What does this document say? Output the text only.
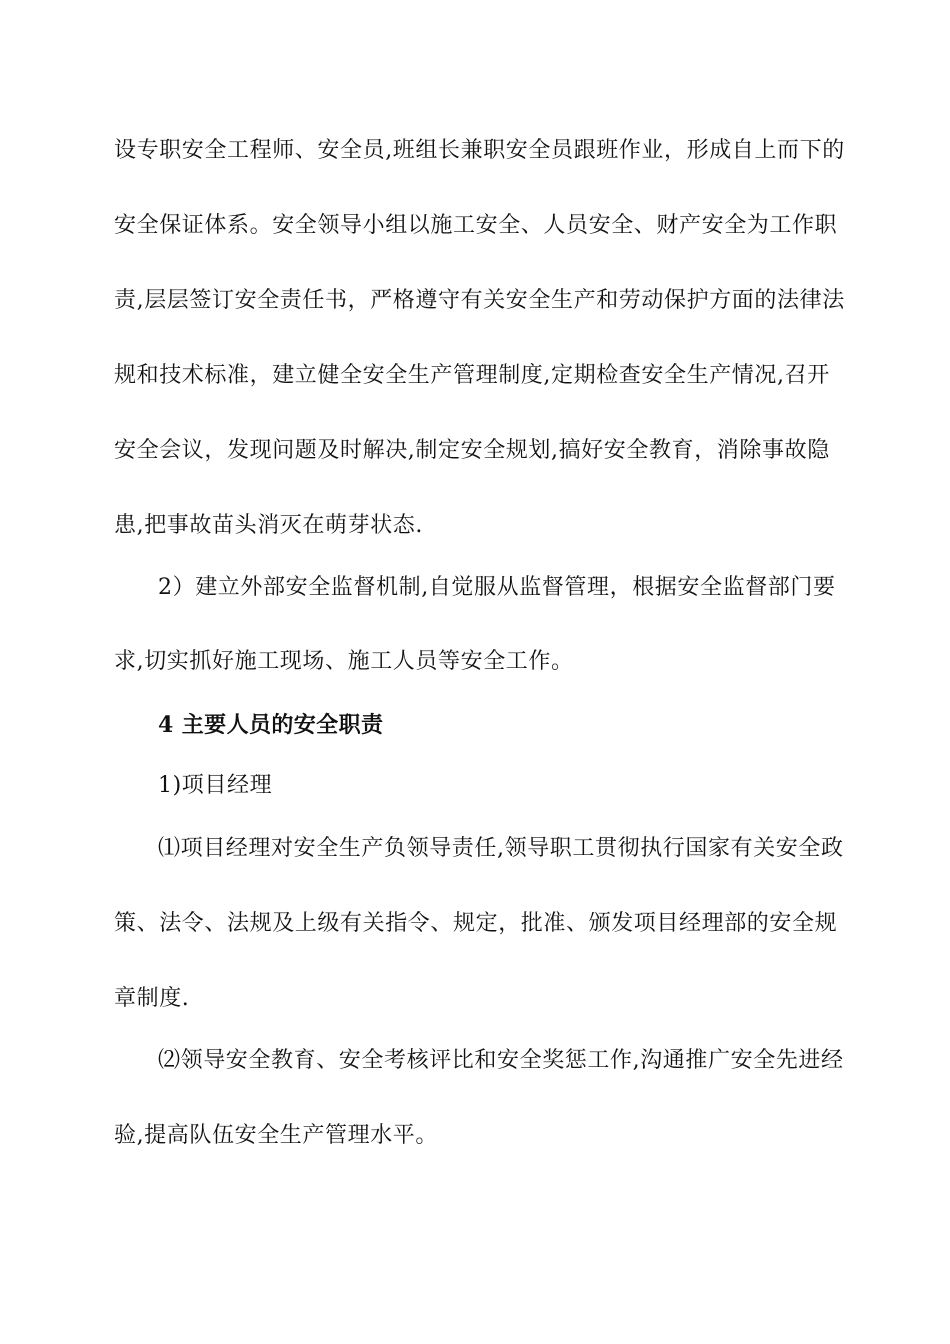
设专职安全工程师、安全员,班组长兼职安全员跟班作业，形成自上而下的
安全保证体系。安全领导小组以施工安全、人员安全、财产安全为工作职
责,层层签订安全责任书，严格遵守有关安全生产和劳动保护方面的法律法
规和技术标准，建立健全安全生产管理制度,定期检查安全生产情况,召开
安全会议，发现问题及时解决,制定安全规划,搞好安全教育，消除事故隐
患,把事故苗头消灭在萌芽状态.
2）建立外部安全监督机制,自觉服从监督管理，根据安全监督部门要
求,切实抓好施工现场、施工人员等安全工作。
4 主要人员的安全职责
1)项目经理
⑴项目经理对安全生产负领导责任,领导职工贯彻执行国家有关安全政
策、法令、法规及上级有关指令、规定，批准、颁发项目经理部的安全规
章制度.
⑵领导安全教育、安全考核评比和安全奖惩工作,沟通推广安全先进经
验,提高队伍安全生产管理水平。
